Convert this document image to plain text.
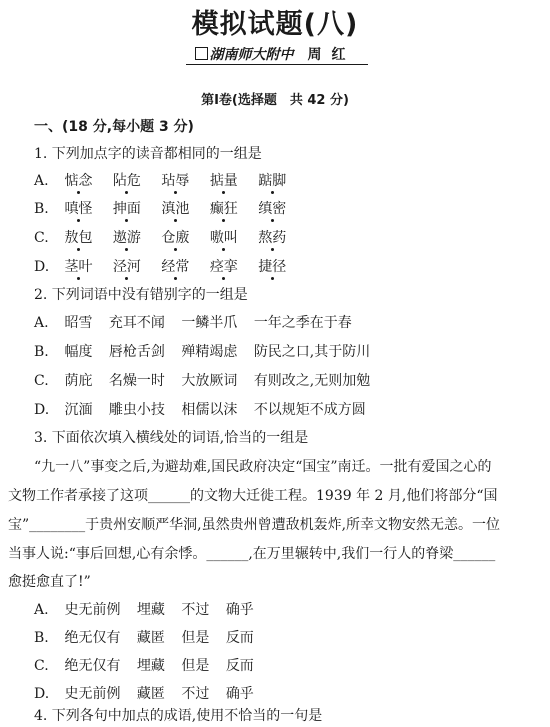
模拟试题(八)
湖南师大附中 周红
第Ⅰ卷(选择题　共 42 分)
一、(18 分,每小题 3 分)
1. 下列加点字的读音都相同的一组是
A. 惦念 阽危 玷辱 掂量 踮脚
B. 嗔怪 抻面 滇池 癫狂 缜密
C. 敖包 遨游 仓廒 嗷叫 熬药
D. 茎叶 泾河 经常 痉挛 捷径
2. 下列词语中没有错别字的一组是
A. 昭雪 充耳不闻 一鳞半爪 一年之季在于春
B. 幅度 唇枪舌剑 殚精竭虑 防民之口,其于防川
C. 荫庇 名燥一时 大放厥词 有则改之,无则加勉
D. 沉湎 雕虫小技 相儒以沫 不以规矩不成方圆
3. 下面依次填入横线处的词语,恰当的一组是
“九一八”事变之后,为避劫难,国民政府决定“国宝”南迁。一批有爱国之心的
文物工作者承接了这项______的文物大迁徙工程。1939 年 2 月,他们将部分“国
宝”________于贵州安顺严华洞,虽然贵州曾遭敌机轰炸,所幸文物安然无恙。一位
当事人说:“事后回想,心有余悸。______,在万里辗转中,我们一行人的脊梁______
愈挺愈直了!”
A. 史无前例 埋藏 不过 确乎
B. 绝无仅有 藏匿 但是 反而
C. 绝无仅有 埋藏 但是 反而
D. 史无前例 藏匿 不过 确乎
4. 下列各句中加点的成语,使用不恰当的一句是
